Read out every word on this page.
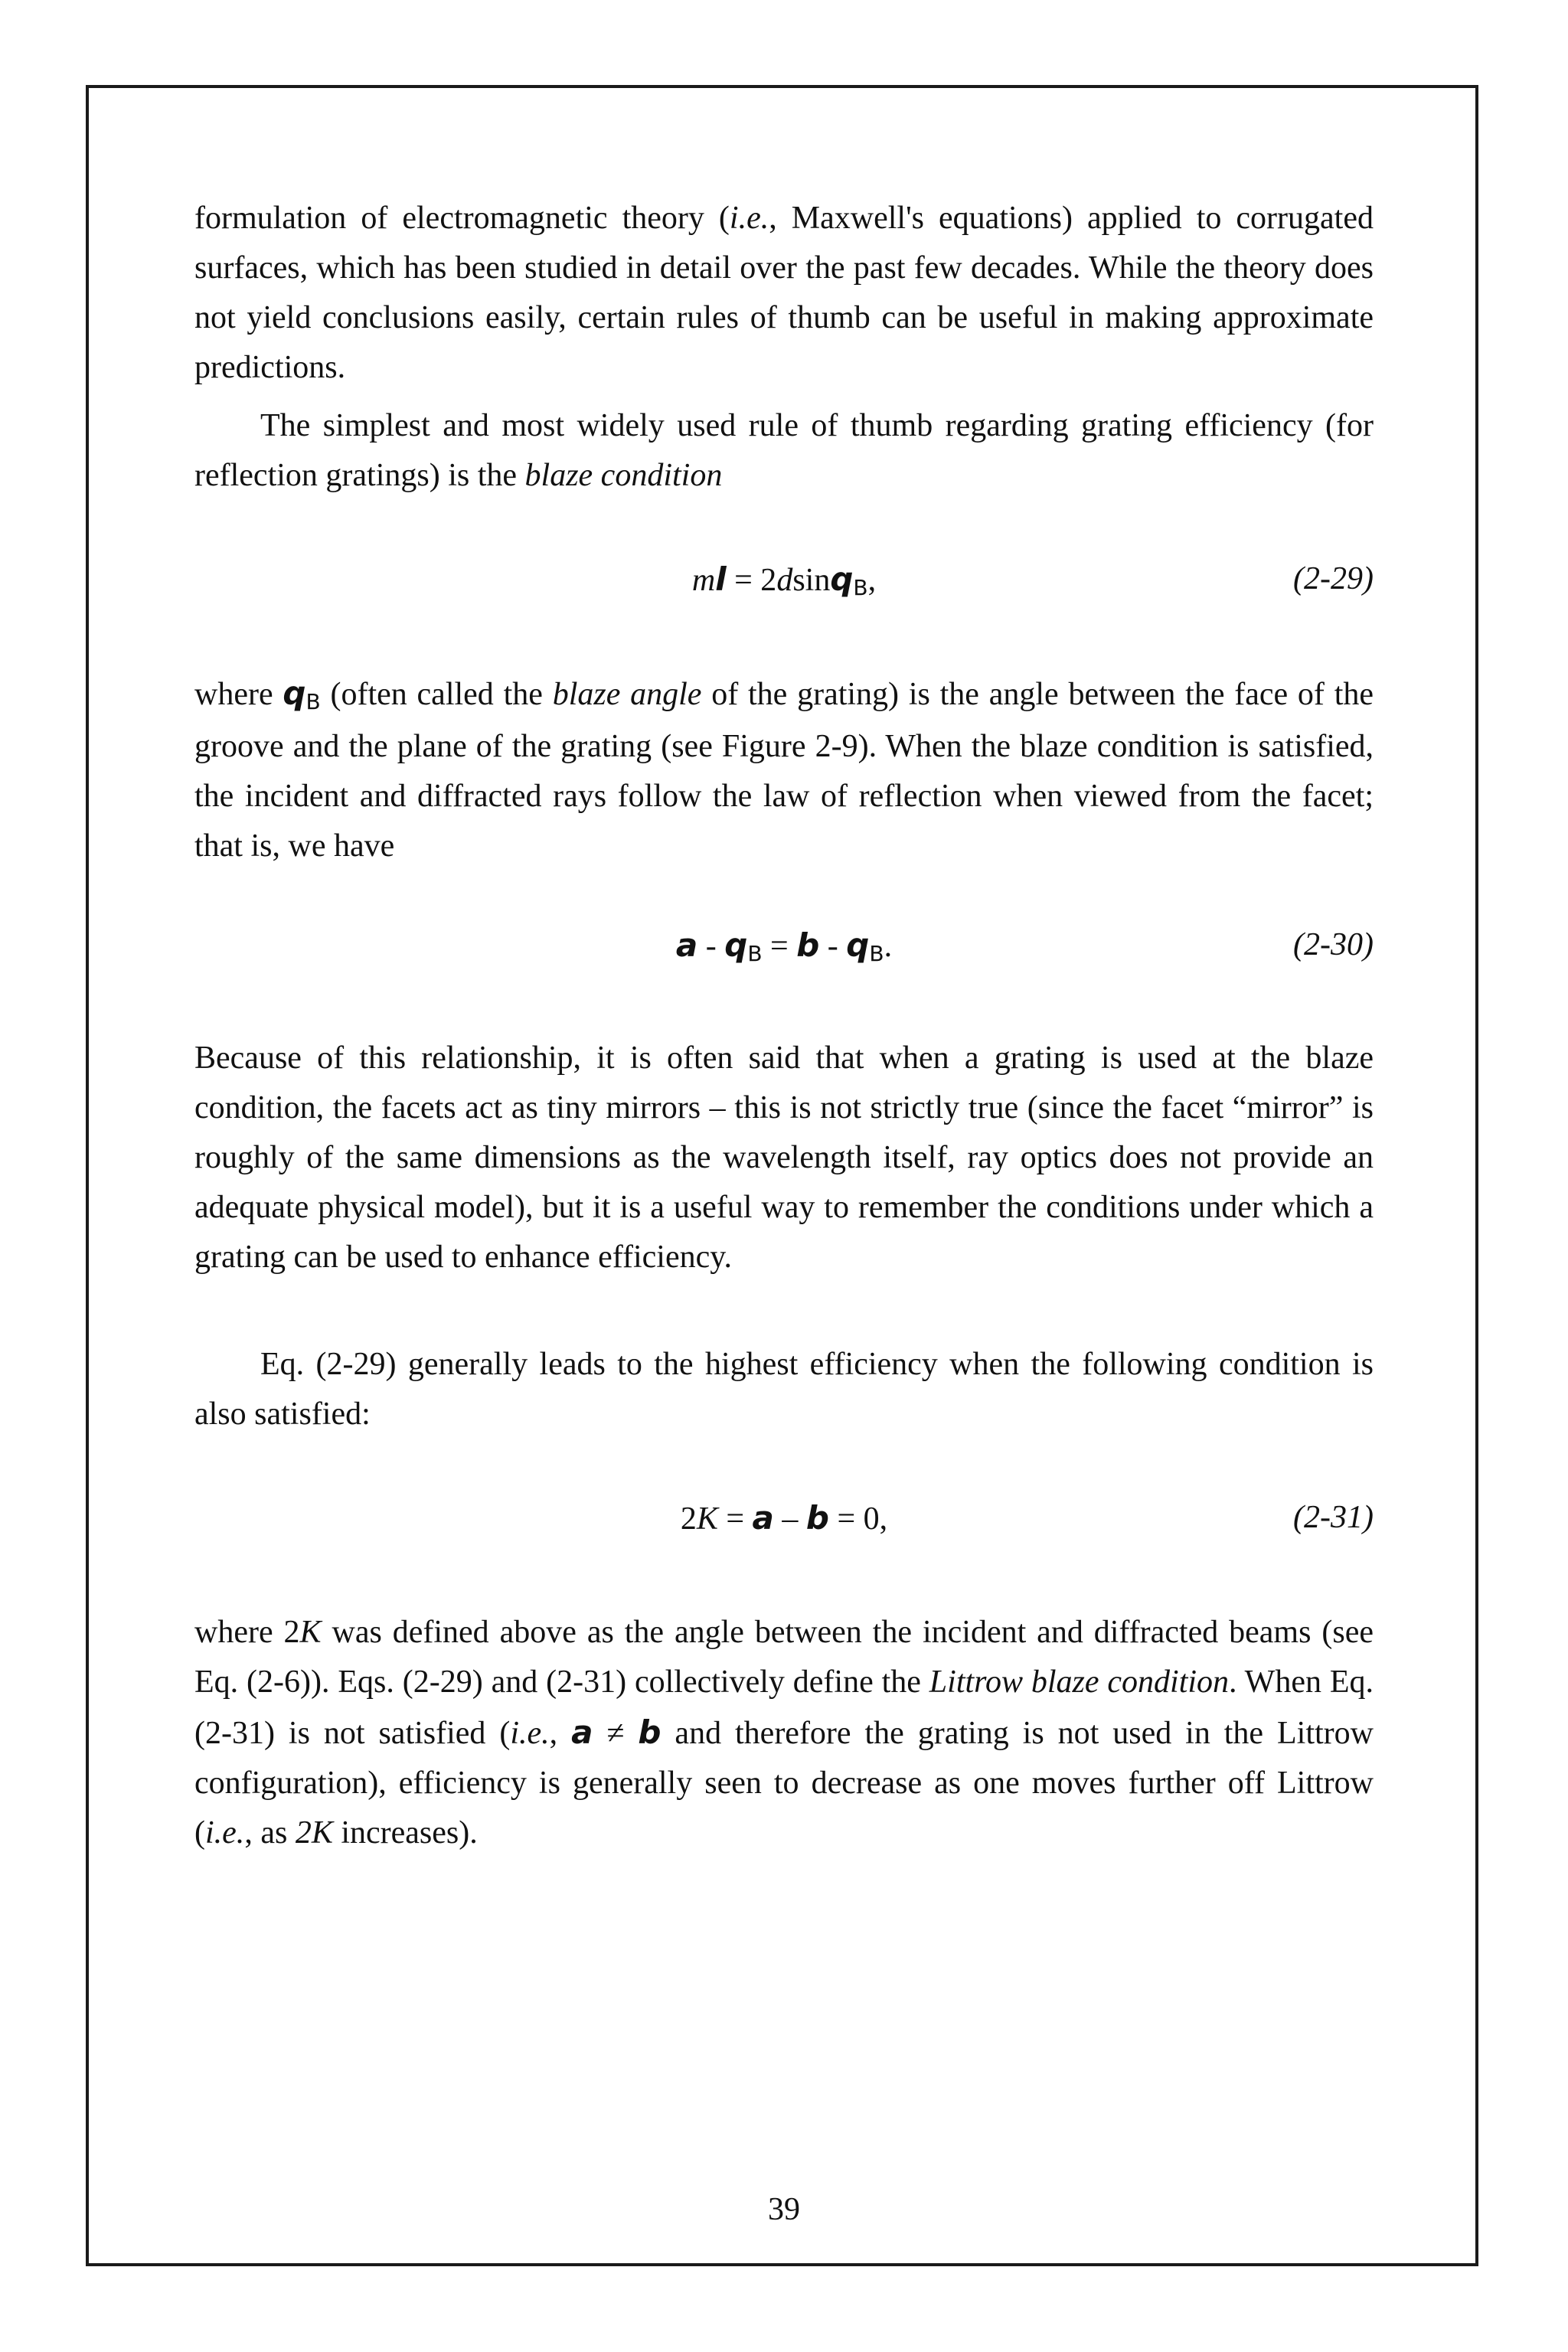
formulation of electromagnetic theory (i.e., Maxwell's equations) applied to corrugated surfaces, which has been studied in detail over the past few decades. While the theory does not yield conclusions easily, certain rules of thumb can be useful in making approximate predictions.

The simplest and most widely used rule of thumb regarding grating efficiency (for reflection gratings) is the blaze condition

ml = 2dsinqB,	(2-29)

where qB (often called the blaze angle of the grating) is the angle between the face of the groove and the plane of the grating (see Figure 2-9). When the blaze condition is satisfied, the incident and diffracted rays follow the law of reflection when viewed from the facet; that is, we have

a - qB = b - qB.	(2-30)

Because of this relationship, it is often said that when a grating is used at the blaze condition, the facets act as tiny mirrors – this is not strictly true (since the facet “mirror” is roughly of the same dimensions as the wavelength itself, ray optics does not provide an adequate physical model), but it is a useful way to remember the conditions under which a grating can be used to enhance efficiency.

Eq. (2-29) generally leads to the highest efficiency when the following condition is also satisfied:

2K = a – b = 0,	(2-31)

where 2K was defined above as the angle between the incident and diffracted beams (see Eq. (2-6)). Eqs. (2-29) and (2-31) collectively define the Littrow blaze condition. When Eq. (2-31) is not satisfied (i.e., a ≠ b and therefore the grating is not used in the Littrow configuration), efficiency is generally seen to decrease as one moves further off Littrow (i.e., as 2K increases).

39
